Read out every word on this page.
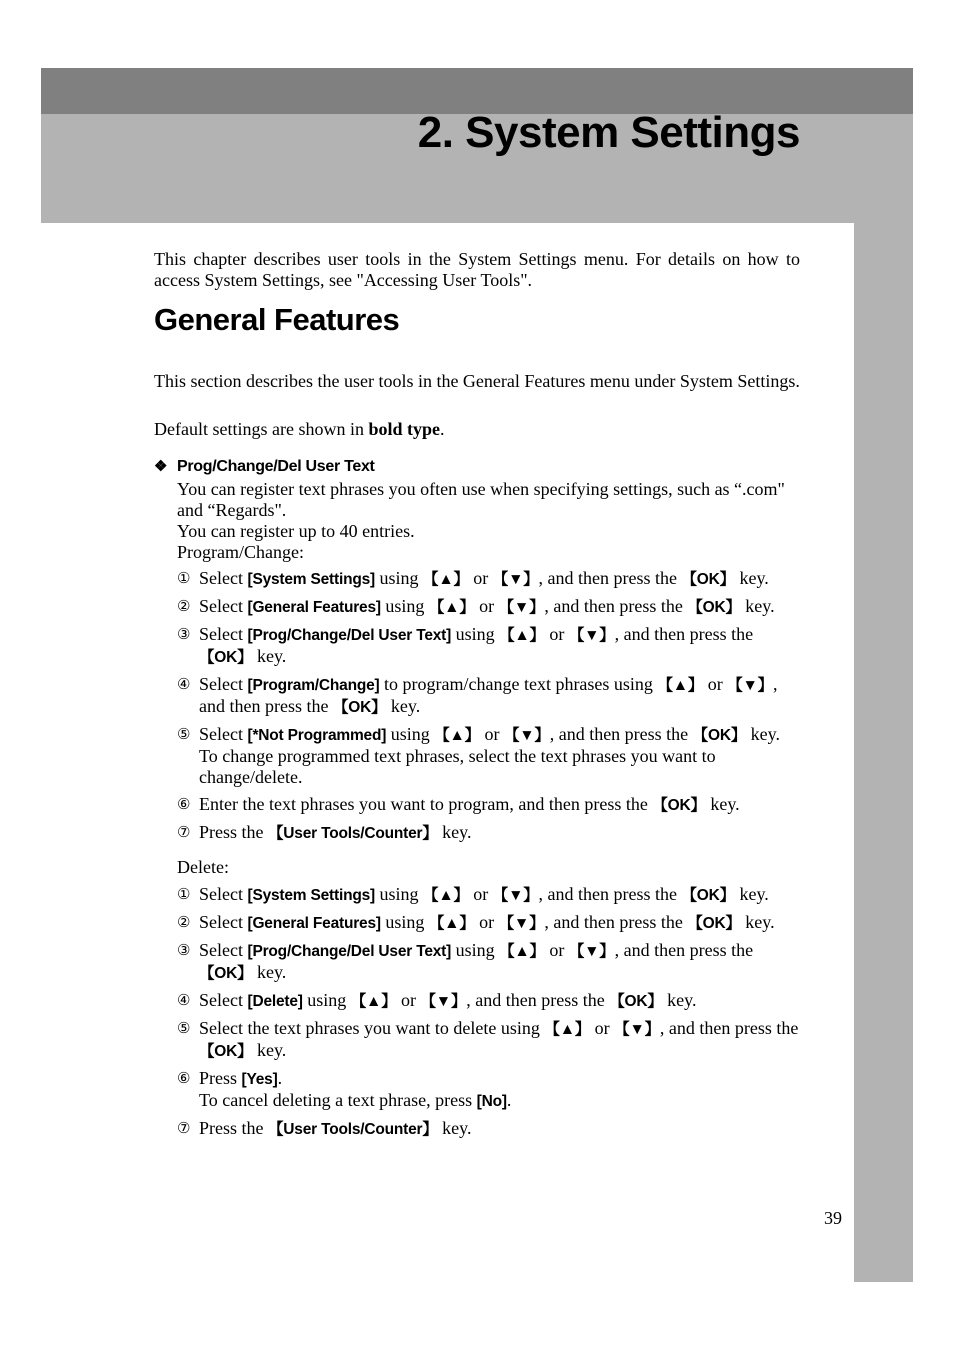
2. System Settings

This chapter describes user tools in the System Settings menu. For details on how to access System Settings, see "Accessing User Tools".

General Features

This section describes the user tools in the General Features menu under System Settings.

Default settings are shown in bold type.

❖ Prog/Change/Del User Text
You can register text phrases you often use when specifying settings, such as “.com" and “Regards".
You can register up to 40 entries.
Program/Change:
① Select [System Settings] using 【▲】 or 【▼】, and then press the 【OK】 key.
② Select [General Features] using 【▲】 or 【▼】, and then press the 【OK】 key.
③ Select [Prog/Change/Del User Text] using 【▲】 or 【▼】, and then press the 【OK】 key.
④ Select [Program/Change] to program/change text phrases using 【▲】 or 【▼】, and then press the 【OK】 key.
⑤ Select [*Not Programmed] using 【▲】 or 【▼】, and then press the 【OK】 key.
To change programmed text phrases, select the text phrases you want to change/delete.
⑥ Enter the text phrases you want to program, and then press the 【OK】 key.
⑦ Press the 【User Tools/Counter】 key.

Delete:

① Select [System Settings] using 【▲】 or 【▼】, and then press the 【OK】 key.
② Select [General Features] using 【▲】 or 【▼】, and then press the 【OK】 key.
③ Select [Prog/Change/Del User Text] using 【▲】 or 【▼】, and then press the 【OK】 key.
④ Select [Delete] using 【▲】 or 【▼】, and then press the 【OK】 key.
⑤ Select the text phrases you want to delete using 【▲】 or 【▼】, and then press the 【OK】 key.
⑥ Press [Yes].
To cancel deleting a text phrase, press [No].
⑦ Press the 【User Tools/Counter】 key.

39
